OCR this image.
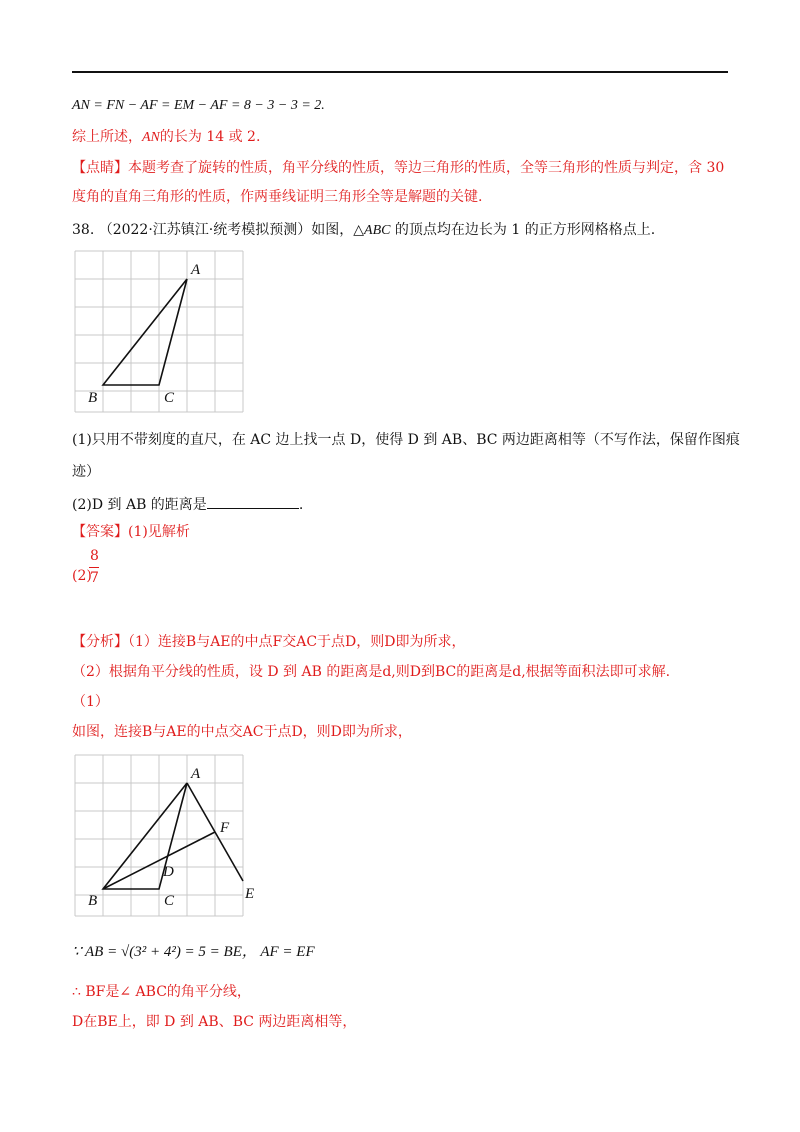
AN = FN − AF = EM − AF = 8 − 3 − 3 = 2.
综上所述，AN的长为 14 或 2.
【点睛】本题考查了旋转的性质，角平分线的性质，等边三角形的性质，全等三角形的性质与判定，含 30
度角的直角三角形的性质，作两垂线证明三角形全等是解题的关键.
38. （2022·江苏镇江·统考模拟预测）如图，△ABC 的顶点均在边长为 1 的正方形网格格点上.
A
B	C
(1)只用不带刻度的直尺，在 AC 边上找一点 D，使得 D 到 AB、BC 两边距离相等（不写作法，保留作图痕
迹）
(2)D 到 AB 的距离是	.
【答案】(1)见解析
(2)
8
7
【分析】（1）连接B与AE的中点F交AC于点D，则D即为所求，
（2）根据角平分线的性质，设 D 到 AB 的距离是d,则D到BC的距离是d,根据等面积法即可求解.
（1）
如图，连接B与AE的中点交AC于点D，则D即为所求，
A
B	C
D
E
F
∵ AB = √(3² + 4²) = 5 = BE， AF = EF
∴ BF是∠ ABC的角平分线，
D在BE上，即 D 到 AB、BC 两边距离相等，
